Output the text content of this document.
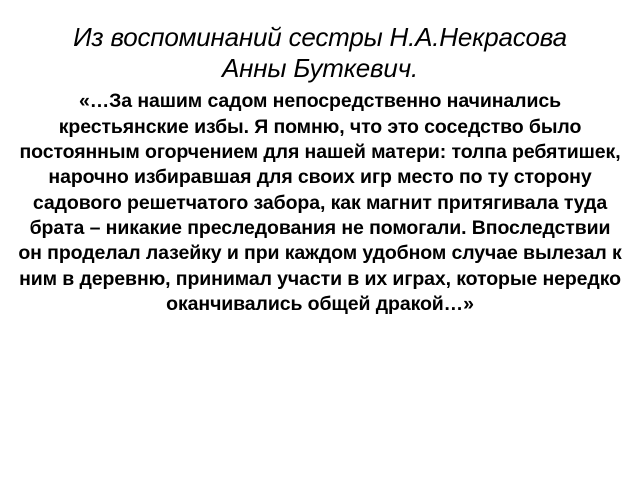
Из воспоминаний сестры Н.А.Некрасова Анны Буткевич.

«…За нашим садом непосредственно начинались крестьянские избы. Я помню, что это соседство было постоянным огорчением для нашей матери: толпа ребятишек, нарочно избиравшая для своих игр место по ту сторону садового решетчатого забора, как магнит притягивала туда брата – никакие преследования не помогали. Впоследствии он проделал лазейку и при каждом удобном случае вылезал к ним в деревню, принимал участи в их играх, которые нередко оканчивались общей дракой…»
